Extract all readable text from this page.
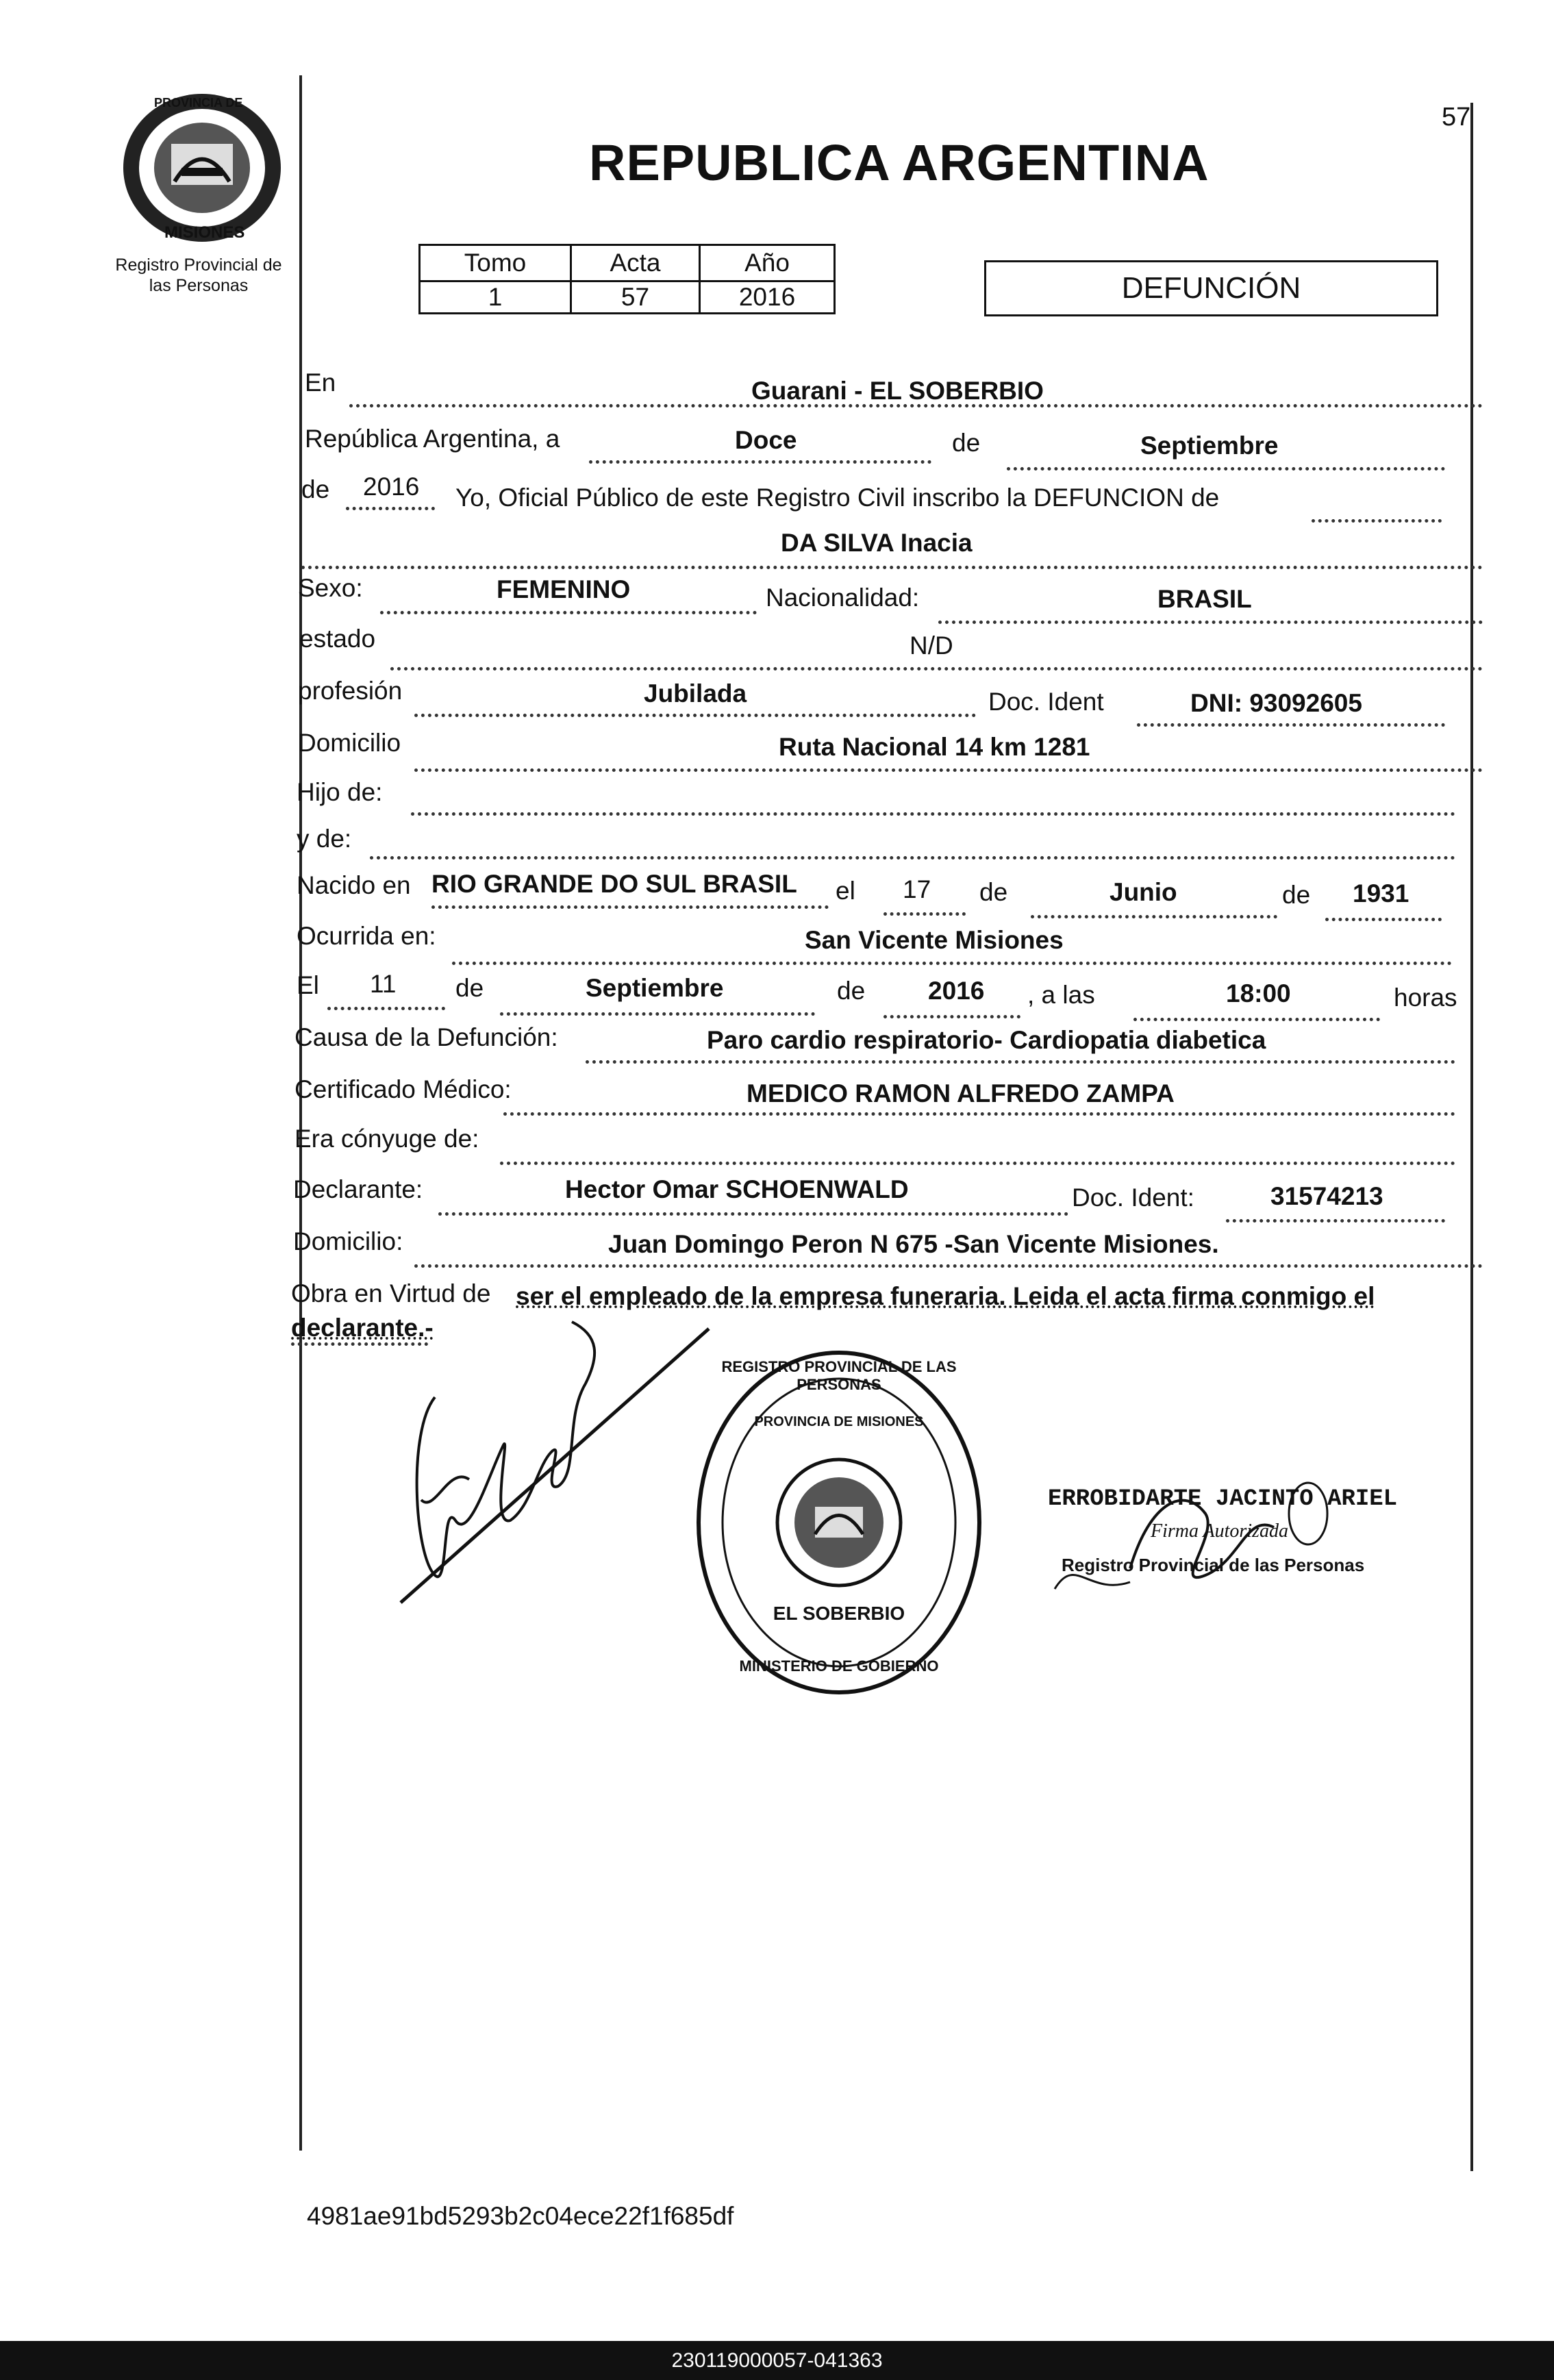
PROVINCIA DE
MISIONES
Registro Provincial de
las Personas
57
REPUBLICA ARGENTINA
Tomo	Acta	Año
1	57	2016	DEFUNCIÓN
En	Guarani - EL SOBERBIO
República Argentina, a	Doce	de	Septiembre
de 2016 Yo, Oficial Público de este Registro Civil inscribo la DEFUNCION de
DA SILVA Inacia
Sexo:	FEMENINO	Nacionalidad:	BRASIL
estado	N/D
profesión	Jubilada	Doc. Ident	DNI: 93092605
Domicilio	Ruta Nacional 14 km 1281
Hijo de:
y de:
Nacido en RIO GRANDE DO SUL BRASIL el 17 de	Junio	de 1931
Ocurrida en:	San Vicente Misiones
El 11 de	Septiembre	de 2016 , a las	18:00	horas
Causa de la Defunción:	Paro cardio respiratorio- Cardiopatia diabetica
Certificado Médico:	MEDICO RAMON ALFREDO ZAMPA
Era cónyuge de:
Declarante:	Hector Omar SCHOENWALD	Doc. Ident:	31574213
Domicilio:	Juan Domingo Peron N 675 -San Vicente Misiones.
Obra en Virtud de ser el empleado de la empresa funeraria. Leida el acta firma conmigo el
declarante.-
REGISTRO PROVINCIAL DE LAS PERSONAS
PROVINCIA DE MISIONES
EL SOBERBIO
MINISTERIO DE GOBIERNO
ERROBIDARTE JACINTO ARIEL
Firma Autorizada
Registro Provincial de las Personas
4981ae91bd5293b2c04ece22f1f685df
230119000057-041363
